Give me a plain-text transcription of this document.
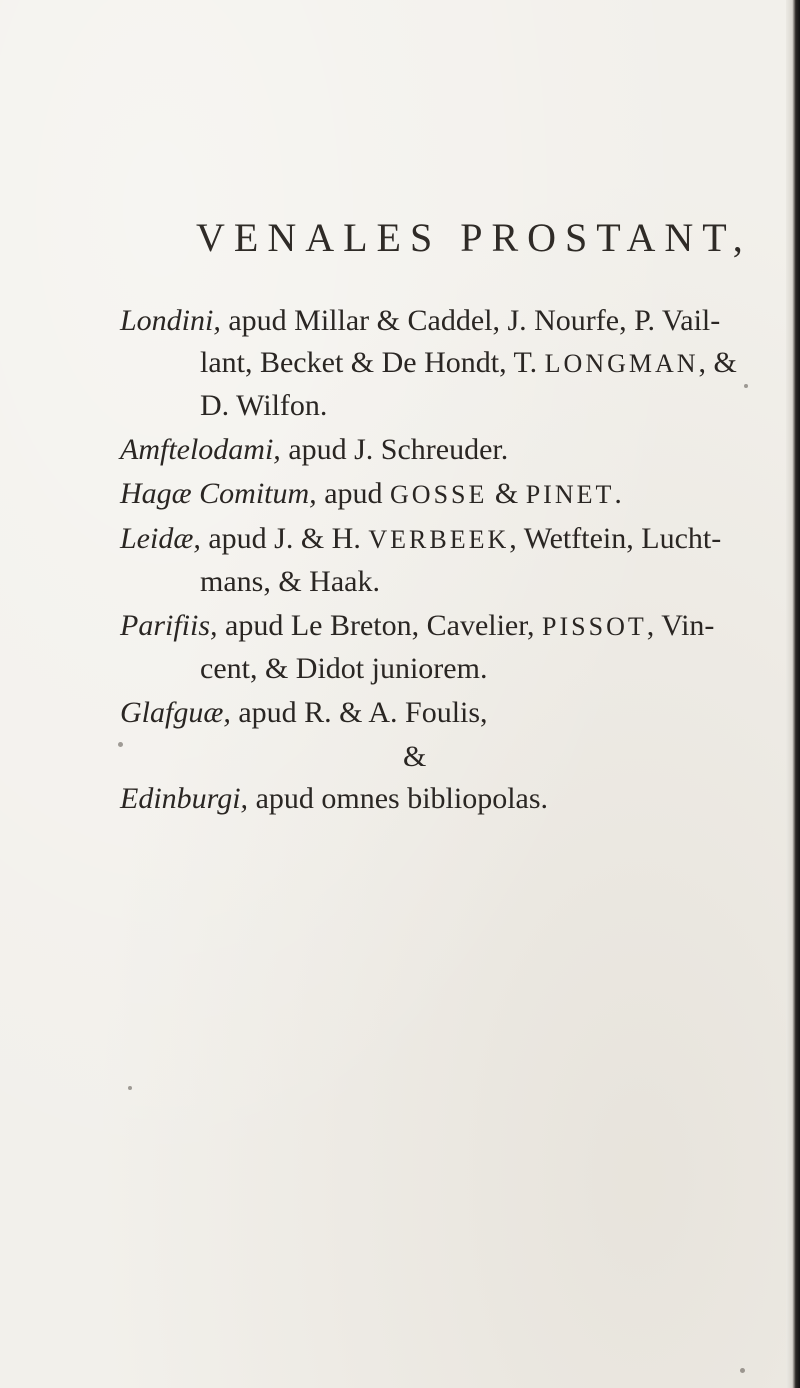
VENALES PROSTANT,
Londini, apud Millar & Caddel, J. Nourfe, P. Vail-
lant, Becket & De Hondt, T. LONGMAN, &
D. Wilfon.
Amftelodami, apud J. Schreuder.
Hagæ Comitum, apud GOSSE & PINET.
Leidæ, apud J. & H. VERBEEK, Wetftein, Lucht-
mans, & Haak.
Parifiis, apud Le Breton, Cavelier, PISSOT, Vin-
cent, & Didot juniorem.
Glafguæ, apud R. & A. Foulis,
&
Edinburgi, apud omnes bibliopolas.
